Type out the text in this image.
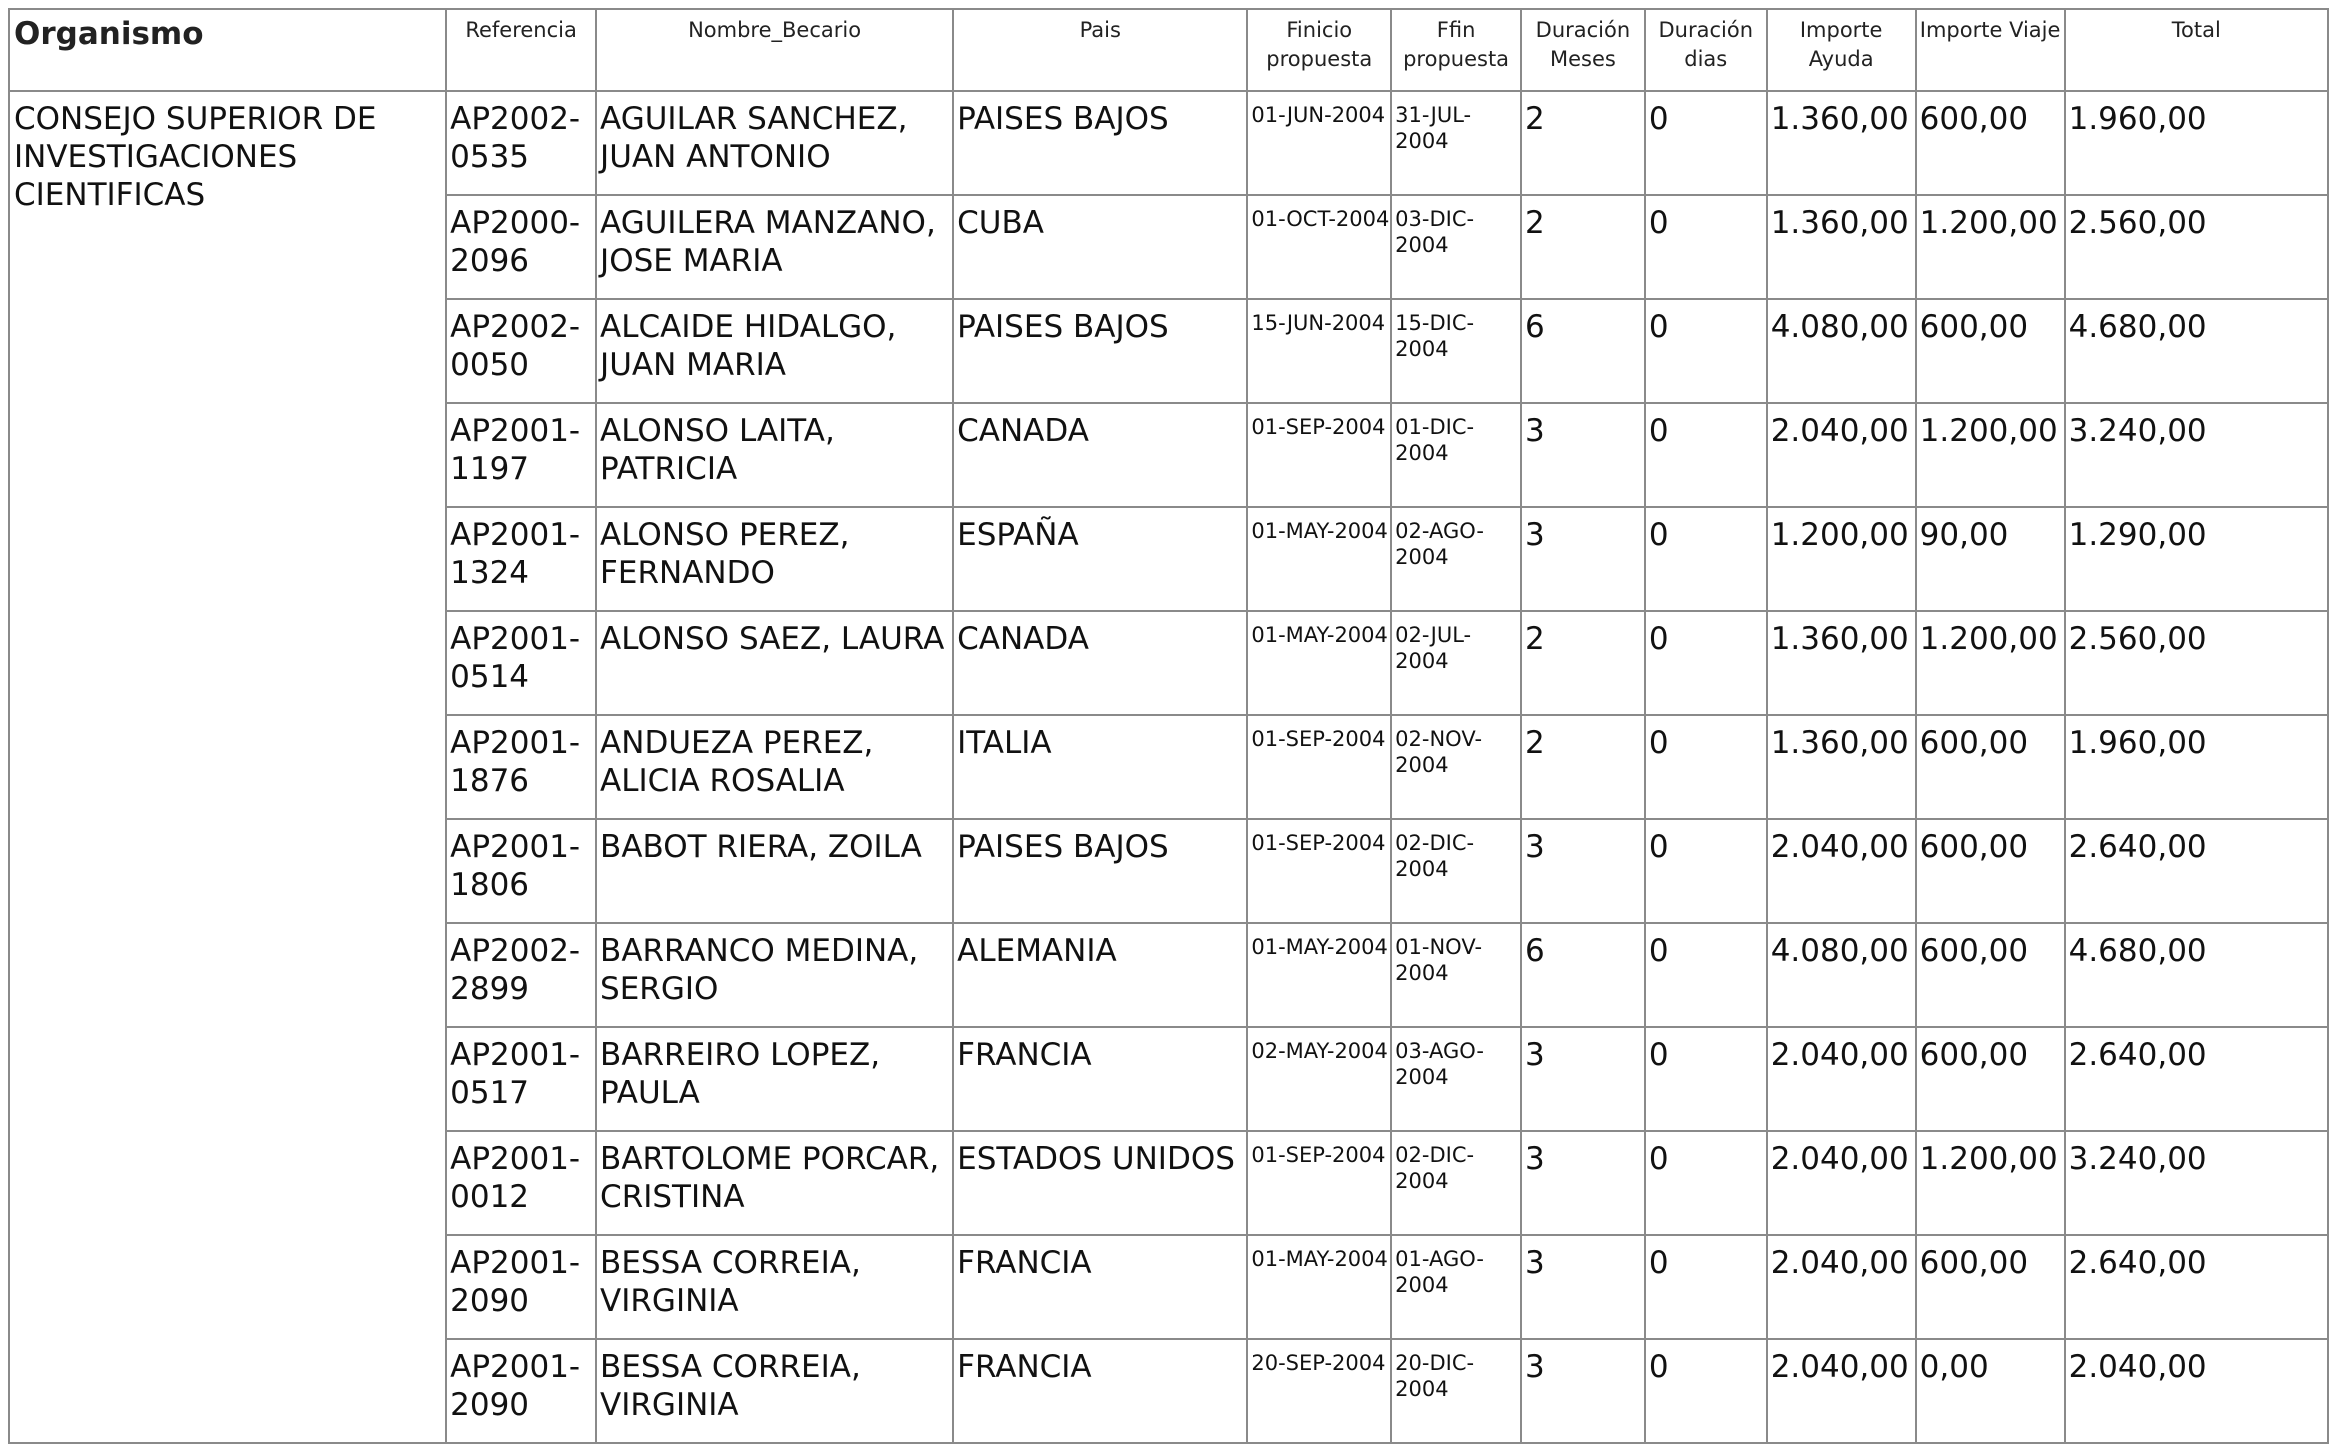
Organismo	Referencia	Nombre_Becario	Pais	Finicio propuesta	Ffin propuesta	Duración Meses	Duración dias	Importe Ayuda	Importe Viaje	Total
CONSEJO SUPERIOR DE INVESTIGACIONES CIENTIFICAS	AP2002-0535	AGUILAR SANCHEZ, JUAN ANTONIO	PAISES BAJOS	01-JUN-2004	31-JUL-2004	2	0	1.360,00	600,00	1.960,00
	AP2000-2096	AGUILERA MANZANO, JOSE MARIA	CUBA	01-OCT-2004	03-DIC-2004	2	0	1.360,00	1.200,00	2.560,00
	AP2002-0050	ALCAIDE HIDALGO, JUAN MARIA	PAISES BAJOS	15-JUN-2004	15-DIC-2004	6	0	4.080,00	600,00	4.680,00
	AP2001-1197	ALONSO LAITA, PATRICIA	CANADA	01-SEP-2004	01-DIC-2004	3	0	2.040,00	1.200,00	3.240,00
	AP2001-1324	ALONSO PEREZ, FERNANDO	ESPAÑA	01-MAY-2004	02-AGO-2004	3	0	1.200,00	90,00	1.290,00
	AP2001-0514	ALONSO SAEZ, LAURA	CANADA	01-MAY-2004	02-JUL-2004	2	0	1.360,00	1.200,00	2.560,00
	AP2001-1876	ANDUEZA PEREZ, ALICIA ROSALIA	ITALIA	01-SEP-2004	02-NOV-2004	2	0	1.360,00	600,00	1.960,00
	AP2001-1806	BABOT RIERA, ZOILA	PAISES BAJOS	01-SEP-2004	02-DIC-2004	3	0	2.040,00	600,00	2.640,00
	AP2002-2899	BARRANCO MEDINA, SERGIO	ALEMANIA	01-MAY-2004	01-NOV-2004	6	0	4.080,00	600,00	4.680,00
	AP2001-0517	BARREIRO LOPEZ, PAULA	FRANCIA	02-MAY-2004	03-AGO-2004	3	0	2.040,00	600,00	2.640,00
	AP2001-0012	BARTOLOME PORCAR, CRISTINA	ESTADOS UNIDOS	01-SEP-2004	02-DIC-2004	3	0	2.040,00	1.200,00	3.240,00
	AP2001-2090	BESSA CORREIA, VIRGINIA	FRANCIA	01-MAY-2004	01-AGO-2004	3	0	2.040,00	600,00	2.640,00
	AP2001-2090	BESSA CORREIA, VIRGINIA	FRANCIA	20-SEP-2004	20-DIC-2004	3	0	2.040,00	0,00	2.040,00
